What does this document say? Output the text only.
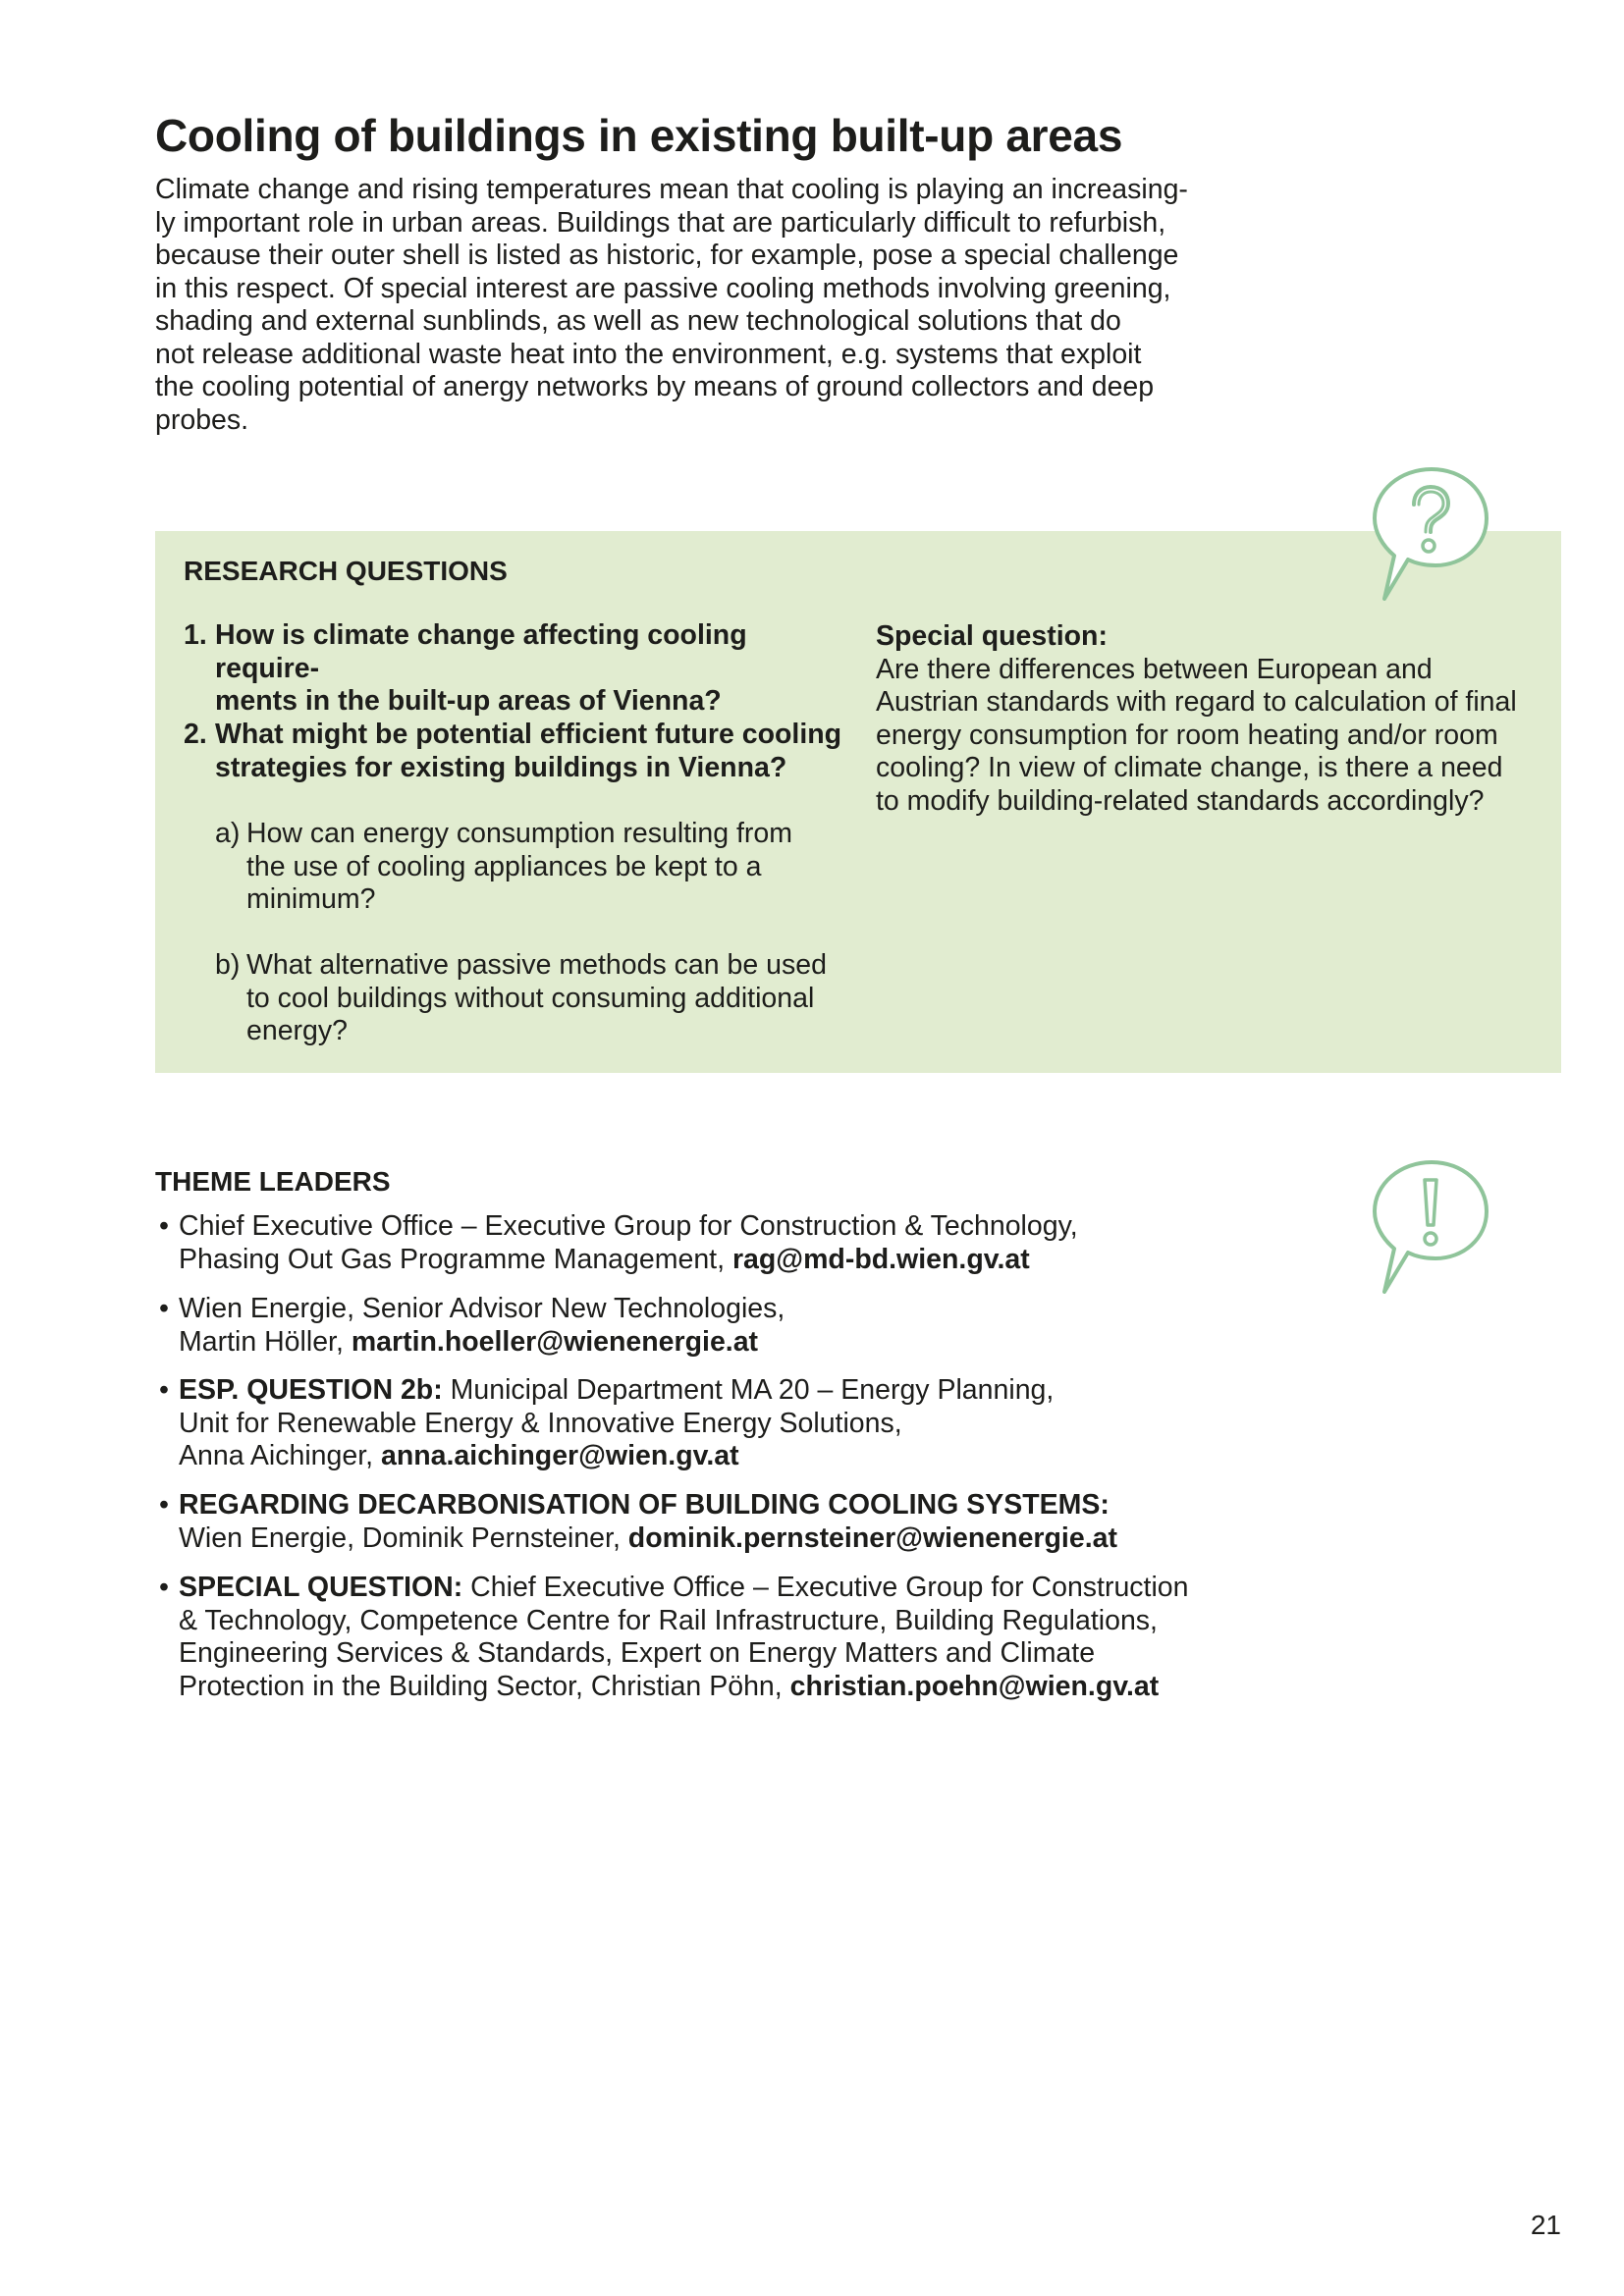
Cooling of buildings in existing built-up areas
Climate change and rising temperatures mean that cooling is playing an increasing-
ly important role in urban areas. Buildings that are particularly difficult to refurbish,
because their outer shell is listed as historic, for example, pose a special challenge
in this respect. Of special interest are passive cooling methods involving greening,
shading and external sunblinds, as well as new technological solutions that do
not release additional waste heat into the environment, e.g. systems that exploit
the cooling potential of anergy networks by means of ground collectors and deep
probes.
RESEARCH QUESTIONS
1. How is climate change affecting cooling require-
ments in the built-up areas of Vienna?
2. What might be potential efficient future cooling
strategies for existing buildings in Vienna?
a) How can energy consumption resulting from
the use of cooling appliances be kept to a
minimum?
b) What alternative passive methods can be used
to cool buildings without consuming additional
energy?
Special question:
Are there differences between European and
Austrian standards with regard to calculation of final
energy consumption for room heating and/or room
cooling? In view of climate change, is there a need
to modify building-related standards accordingly?
THEME LEADERS
• Chief Executive Office – Executive Group for Construction & Technology,
Phasing Out Gas Programme Management, rag@md-bd.wien.gv.at
• Wien Energie, Senior Advisor New Technologies,
Martin Höller, martin.hoeller@wienenergie.at
• ESP. QUESTION 2b: Municipal Department MA 20 – Energy Planning,
Unit for Renewable Energy & Innovative Energy Solutions,
Anna Aichinger, anna.aichinger@wien.gv.at
• REGARDING DECARBONISATION OF BUILDING COOLING SYSTEMS:
Wien Energie, Dominik Pernsteiner, dominik.pernsteiner@wienenergie.at
• SPECIAL QUESTION: Chief Executive Office – Executive Group for Construction
& Technology, Competence Centre for Rail Infrastructure, Building Regulations,
Engineering Services & Standards, Expert on Energy Matters and Climate
Protection in the Building Sector, Christian Pöhn, christian.poehn@wien.gv.at
21
